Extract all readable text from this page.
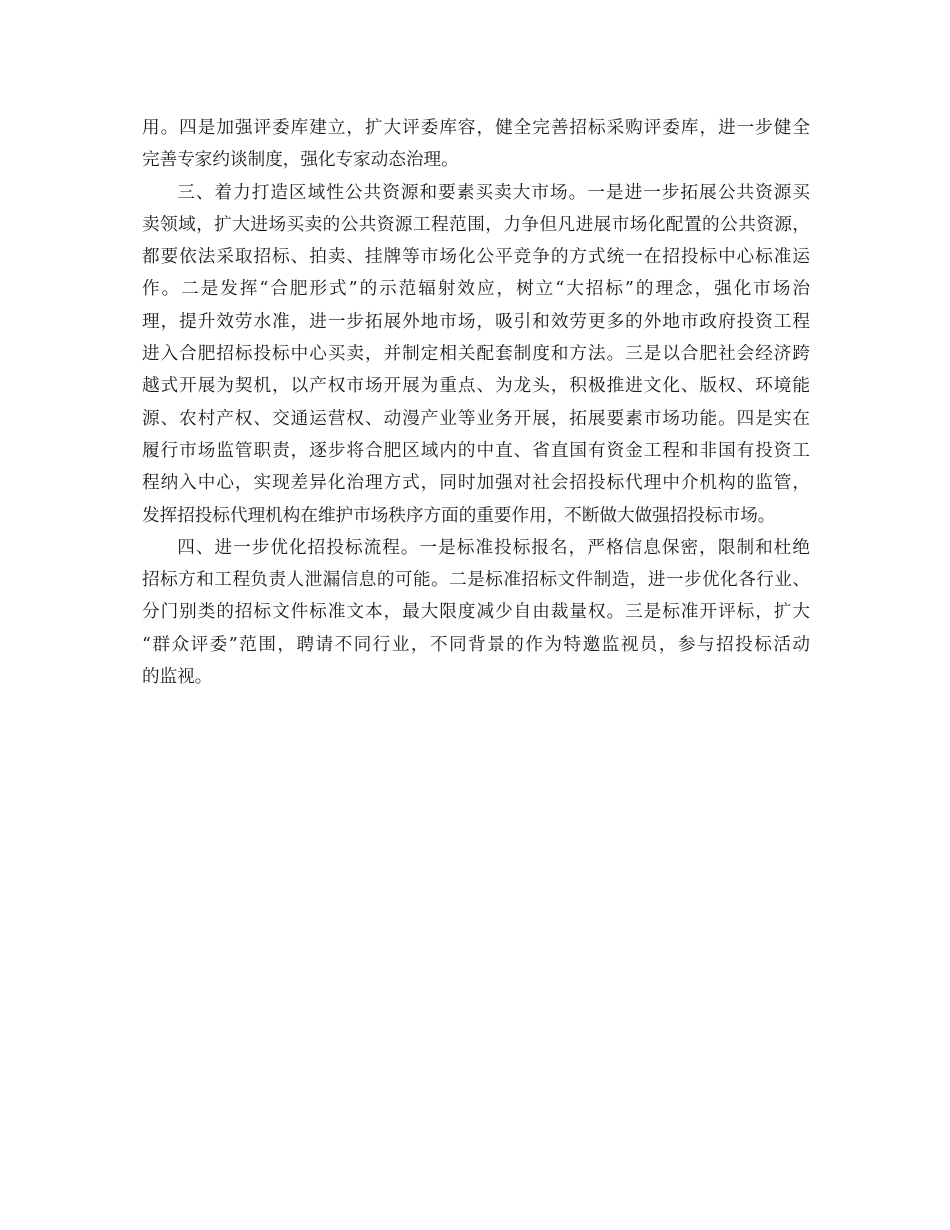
用。四是加强评委库建立，扩大评委库容，健全完善招标采购评委库，进一步健全
完善专家约谈制度，强化专家动态治理。
三、着力打造区域性公共资源和要素买卖大市场。一是进一步拓展公共资源买
卖领域，扩大进场买卖的公共资源工程范围，力争但凡进展市场化配置的公共资源，
都要依法采取招标、拍卖、挂牌等市场化公平竞争的方式统一在招投标中心标准运
作。二是发挥“合肥形式”的示范辐射效应，树立“大招标”的理念，强化市场治
理，提升效劳水准，进一步拓展外地市场，吸引和效劳更多的外地市政府投资工程
进入合肥招标投标中心买卖，并制定相关配套制度和方法。三是以合肥社会经济跨
越式开展为契机，以产权市场开展为重点、为龙头，积极推进文化、版权、环境能
源、农村产权、交通运营权、动漫产业等业务开展，拓展要素市场功能。四是实在
履行市场监管职责，逐步将合肥区域内的中直、省直国有资金工程和非国有投资工
程纳入中心，实现差异化治理方式，同时加强对社会招投标代理中介机构的监管，
发挥招投标代理机构在维护市场秩序方面的重要作用，不断做大做强招投标市场。
四、进一步优化招投标流程。一是标准投标报名，严格信息保密，限制和杜绝
招标方和工程负责人泄漏信息的可能。二是标准招标文件制造，进一步优化各行业、
分门别类的招标文件标准文本，最大限度减少自由裁量权。三是标准开评标，扩大
“群众评委”范围，聘请不同行业，不同背景的作为特邀监视员，参与招投标活动
的监视。
